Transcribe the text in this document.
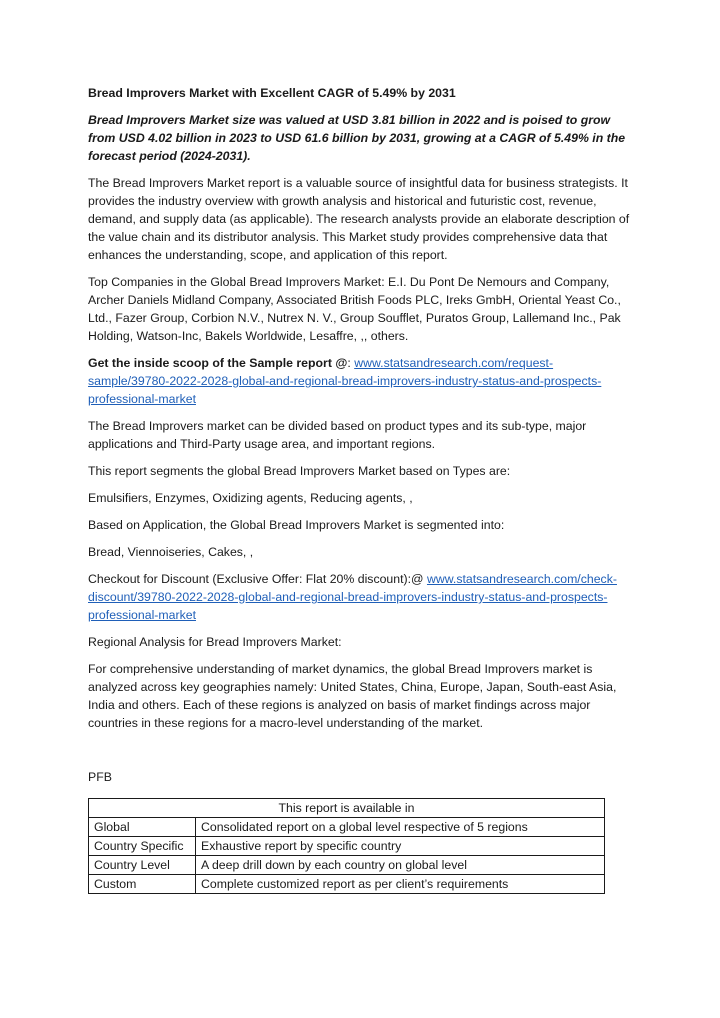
Bread Improvers Market with Excellent CAGR of 5.49% by 2031

Bread Improvers Market size was valued at USD 3.81 billion in 2022 and is poised to grow from USD 4.02 billion in 2023 to USD 61.6 billion by 2031, growing at a CAGR of 5.49% in the forecast period (2024-2031).

The Bread Improvers Market report is a valuable source of insightful data for business strategists. It provides the industry overview with growth analysis and historical and futuristic cost, revenue, demand, and supply data (as applicable). The research analysts provide an elaborate description of the value chain and its distributor analysis. This Market study provides comprehensive data that enhances the understanding, scope, and application of this report.

Top Companies in the Global Bread Improvers Market: E.I. Du Pont De Nemours and Company, Archer Daniels Midland Company, Associated British Foods PLC, Ireks GmbH, Oriental Yeast Co., Ltd., Fazer Group, Corbion N.V., Nutrex N. V., Group Soufflet, Puratos Group, Lallemand Inc., Pak Holding, Watson-Inc, Bakels Worldwide, Lesaffre, ,, others.

Get the inside scoop of the Sample report @: www.statsandresearch.com/request-sample/39780-2022-2028-global-and-regional-bread-improvers-industry-status-and-prospects-professional-market

The Bread Improvers market can be divided based on product types and its sub-type, major applications and Third-Party usage area, and important regions.

This report segments the global Bread Improvers Market based on Types are:

Emulsifiers, Enzymes, Oxidizing agents, Reducing agents, ,

Based on Application, the Global Bread Improvers Market is segmented into:

Bread, Viennoiseries, Cakes, ,

Checkout for Discount (Exclusive Offer: Flat 20% discount):@ www.statsandresearch.com/check-discount/39780-2022-2028-global-and-regional-bread-improvers-industry-status-and-prospects-professional-market

Regional Analysis for Bread Improvers Market:

For comprehensive understanding of market dynamics, the global Bread Improvers market is analyzed across key geographies namely: United States, China, Europe, Japan, South-east Asia, India and others. Each of these regions is analyzed on basis of market findings across major countries in these regions for a macro-level understanding of the market.

PFB

This report is available in	
Global	Consolidated report on a global level respective of 5 regions
Country Specific	Exhaustive report by specific country
Country Level	A deep drill down by each country on global level
Custom	Complete customized report as per client’s requirements
